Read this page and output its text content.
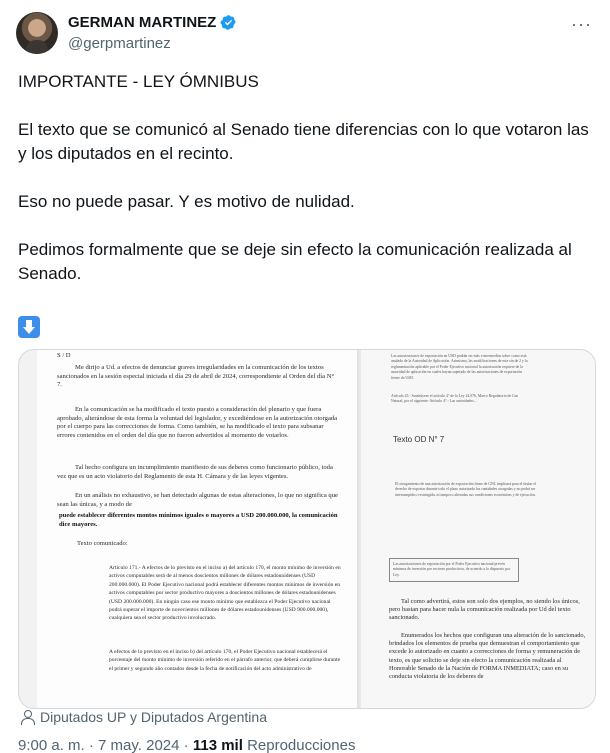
GERMAN MARTINEZ
@gerpmartinez
···

IMPORTANTE - LEY ÓMNIBUS

El texto que se comunicó al Senado tiene diferencias con lo que votaron las y los diputados en el recinto.

Eso no puede pasar. Y es motivo de nulidad.

Pedimos formalmente que se deje sin efecto la comunicación realizada al Senado.

S / D
Me dirijo a Ud. a efectos de denunciar graves irregularidades en la comunicación de los textos sancionados en la sesión especial iniciada el día 29 de abril de 2024, correspondiente al Orden del día N° 7.
En la comunicación se ha modificado el texto puesto a consideración del plenario y que fuera aprobado, alterándose de esta forma la voluntad del legislador, y excediéndose en la autorización otorgada por el cuerpo para las correcciones de forma. Como también, se ha modificado el texto para subsanar errores contenidos en el orden del día que no fueron advertidos al momento de votarlos.
Tal hecho configura un incumplimiento manifiesto de sus deberes como funcionario público, toda vez que es un acto violatorio del Reglamento de esta H. Cámara y de las leyes vigentes.
En un análisis no exhaustivo, se han detectado algunas de estas alteraciones, lo que no significa que sean las únicas, y a modo de
puede establecer diferentes montos mínimos iguales o mayores a USD 200.000.000, la comunicación dice mayores.
Texto comunicado:
Artículo 171.- A efectos de lo previsto en el inciso a) del artículo 170, el monto mínimo de inversión en activos computables será de al menos doscientos millones de dólares estadounidenses (USD 200.000.000). El Poder Ejecutivo nacional podrá establecer diferentes montos mínimos de inversión en activos computables por sector productivo mayores a doscientos millones de dólares estadounidenses (USD 200.000.000). En ningún caso ese monto mínimo que establezca el Poder Ejecutivo nacional podrá superar el importe de novecientos millones de dólares estadounidenses (USD 900.000.000), cualquiera sea el sector productivo involucrado.
A efectos de lo previsto en el inciso b) del artículo 170, el Poder Ejecutivo nacional establecerá el porcentaje del monto mínimo de inversión referido en el párrafo anterior, que deberá cumplirse durante el primer y segundo año contados desde la fecha de notificación del acto administrativo de
Las autorizaciones de exportación en USD podrán ser más e intermedias sobre como está anulado de la Autoridad de Aplicación. Asimismo, las modificaciones de este sin de 2 y la reglamentación aplicable por el Poder Ejecutivo nacional la autorización requiere de la autoridad de aplicación en cuales hayan superado de las autorizaciones de exportación frente de USD.
Artículo 23.- Sustitúyese el artículo 4° de la Ley 24.076, Marco Regulatorio de Gas Natural, por el siguiente: Artículo 4°.- Las autoridades...
Texto OD N° 7
El otorgamiento de una autorización de exportación firme de GNL implicará para el titular el derecho de exportar durante todo el plazo autorizado las cantidades otorgadas y no podrá ser interrumpida o restringida, ni tampoco alteradas sus condiciones económicas y de ejecución.
Las autorizaciones de exportación por el Poder Ejecutivo nacional prevén mínimos de inversión por sectores productivos, de acuerdo a lo dispuesto por Ley.
Tal como advertirá, estos son solo dos ejemplos, no siendo los únicos, pero bastan para hacer nula la comunicación realizada por Ud del texto sancionado.
Enumerados los hechos que configuran una alteración de lo sancionado, brindados los elementos de prueba que demuestran el comportamiento que excede lo autorizado en cuanto a correcciones de forma y remuneración de texto, es que solicito se deje sin efecto la comunicación realizada al Honorable Senado de la Nación de FORMA INMEDIATA; caso en su conducta violatoria de los deberes de
Diputados UP y Diputados Argentina
9:00 a. m. · 7 may. 2024 · 113 mil Reproducciones
